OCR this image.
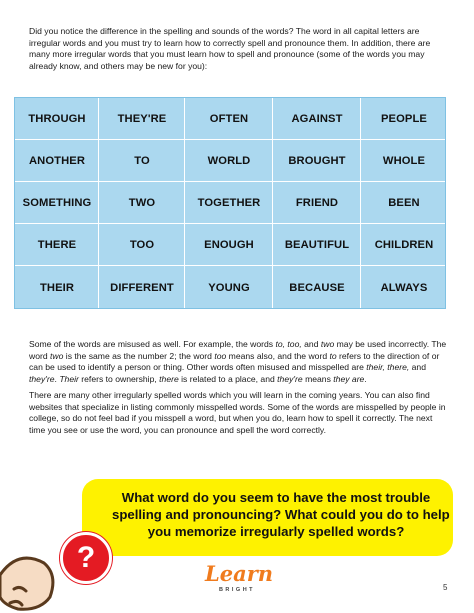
Did you notice the difference in the spelling and sounds of the words? The word in all capital letters are irregular words and you must try to learn how to correctly spell and pronounce them. In addition, there are many more irregular words that you must learn how to spell and pronounce (some of the words you may already know, and others may be new for you):

THROUGH	THEY'RE	OFTEN	AGAINST	PEOPLE
ANOTHER	TO	WORLD	BROUGHT	WHOLE
SOMETHING	TWO	TOGETHER	FRIEND	BEEN
THERE	TOO	ENOUGH	BEAUTIFUL	CHILDREN
THEIR	DIFFERENT	YOUNG	BECAUSE	ALWAYS

Some of the words are misused as well. For example, the words to, too, and two may be used incorrectly. The word two is the same as the number 2; the word too means also, and the word to refers to the direction of or can be used to identify a person or thing. Other words often misused and misspelled are their, there, and they're. Their refers to ownership, there is related to a place, and they're means they are.

There are many other irregularly spelled words which you will learn in the coming years. You can also find websites that specialize in listing commonly misspelled words. Some of the words are misspelled by people in college, so do not feel bad if you misspell a word, but when you do, learn how to spell it correctly. The next time you see or use the word, you can pronounce and spell the word correctly.

What word do you seem to have the most trouble
spelling and pronouncing? What could you do to help
you memorize irregularly spelled words?
?	Learn
BRIGHT	5
